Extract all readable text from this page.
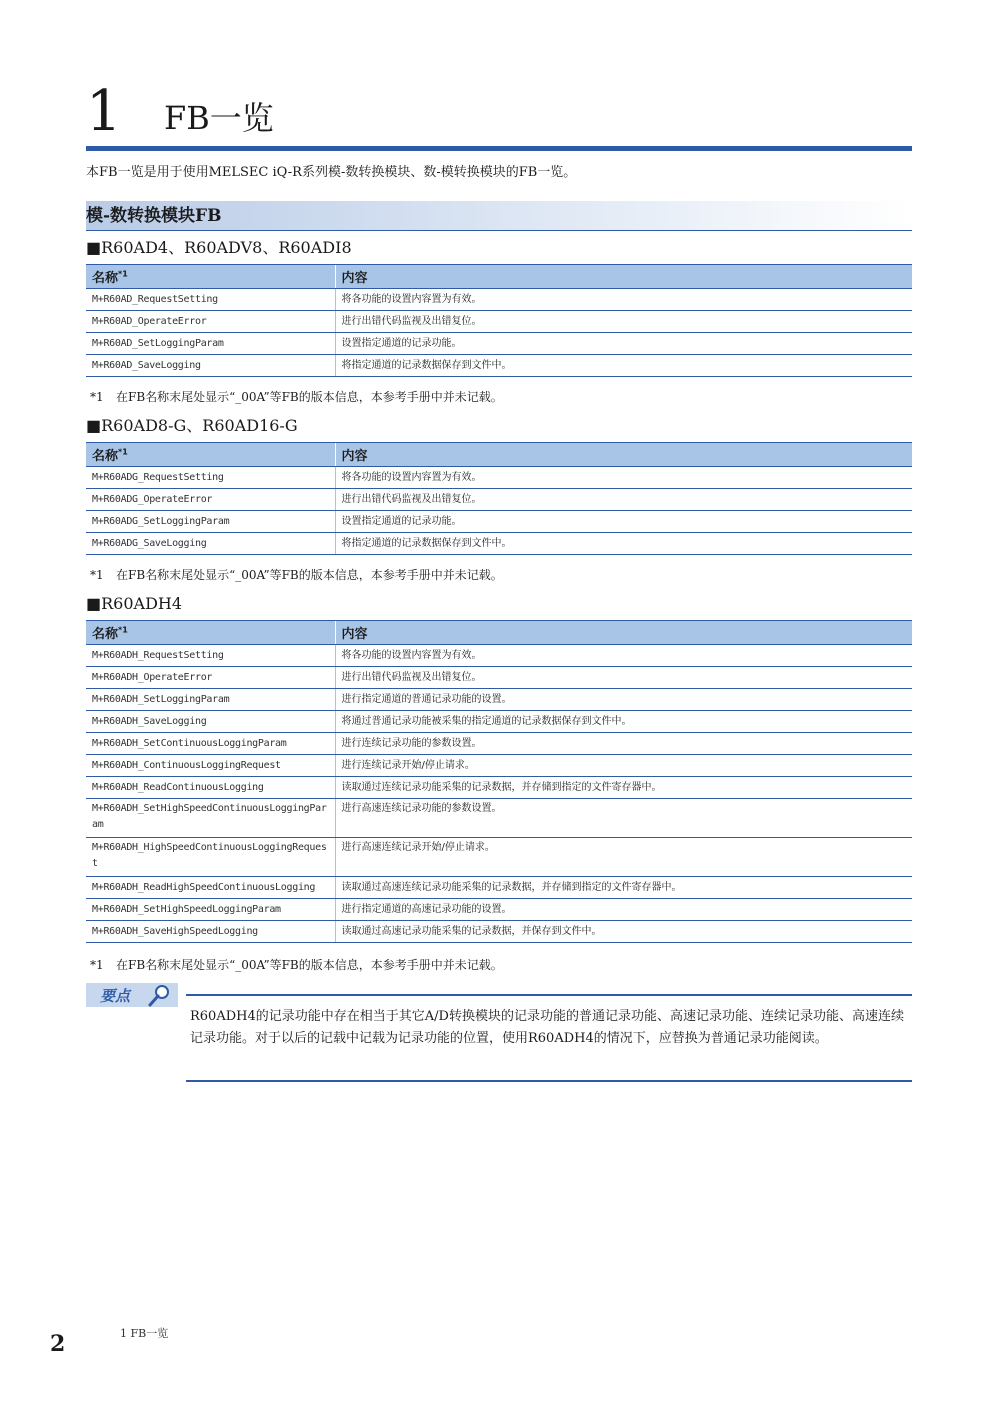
1 FB一览
本FB一览是用于使用MELSEC iQ-R系列模-数转换模块、数-模转换模块的FB一览。
模-数转换模块FB
■R60AD4、R60ADV8、R60ADI8
名称$^{*1}$	内容
M+R60AD_RequestSetting	将各功能的设置内容置为有效。
M+R60AD_OperateError	进行出错代码监视及出错复位。
M+R60AD_SetLoggingParam	设置指定通道的记录功能。
M+R60AD_SaveLogging	将指定通道的记录数据保存到文件中。
*1 在FB名称末尾处显示“_00A”等FB的版本信息，本参考手册中并未记载。
■R60AD8-G、R60AD16-G
名称$^{*1}$	内容
M+R60ADG_RequestSetting	将各功能的设置内容置为有效。
M+R60ADG_OperateError	进行出错代码监视及出错复位。
M+R60ADG_SetLoggingParam	设置指定通道的记录功能。
M+R60ADG_SaveLogging	将指定通道的记录数据保存到文件中。
*1 在FB名称末尾处显示“_00A”等FB的版本信息，本参考手册中并未记载。
■R60ADH4
名称$^{*1}$	内容
M+R60ADH_RequestSetting	将各功能的设置内容置为有效。
M+R60ADH_OperateError	进行出错代码监视及出错复位。
M+R60ADH_SetLoggingParam	进行指定通道的普通记录功能的设置。
M+R60ADH_SaveLogging	将通过普通记录功能被采集的指定通道的记录数据保存到文件中。
M+R60ADH_SetContinuousLoggingParam	进行连续记录功能的参数设置。
M+R60ADH_ContinuousLoggingRequest	进行连续记录开始/停止请求。
M+R60ADH_ReadContinuousLogging	读取通过连续记录功能采集的记录数据，并存储到指定的文件寄存器中。
M+R60ADH_SetHighSpeedContinuousLoggingParam	进行高速连续记录功能的参数设置。
M+R60ADH_HighSpeedContinuousLoggingRequest	进行高速连续记录开始/停止请求。
M+R60ADH_ReadHighSpeedContinuousLogging	读取通过高速连续记录功能采集的记录数据，并存储到指定的文件寄存器中。
M+R60ADH_SetHighSpeedLoggingParam	进行指定通道的高速记录功能的设置。
M+R60ADH_SaveHighSpeedLogging	读取通过高速记录功能采集的记录数据，并保存到文件中。
*1 在FB名称末尾处显示“_00A”等FB的版本信息，本参考手册中并未记载。
要点
R60ADH4的记录功能中存在相当于其它A/D转换模块的记录功能的普通记录功能、高速记录功能、连续记录功能、高速连续记录功能。对于以后的记载中记载为记录功能的位置，使用R60ADH4的情况下，应替换为普通记录功能阅读。
2	1 FB一览
